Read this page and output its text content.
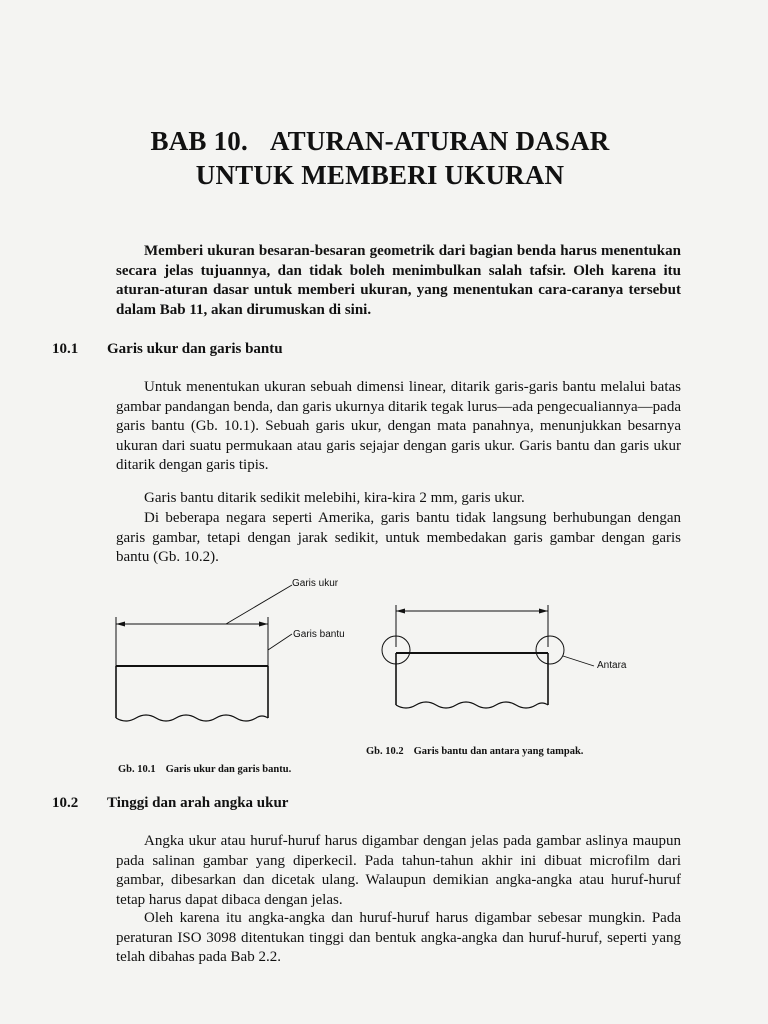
BAB 10. ATURAN-ATURAN DASAR
UNTUK MEMBERI UKURAN

Memberi ukuran besaran-besaran geometrik dari bagian benda harus menentukan secara jelas tujuannya, dan tidak boleh menimbulkan salah tafsir. Oleh karena itu aturan-aturan dasar untuk memberi ukuran, yang menentukan cara-caranya tersebut dalam Bab 11, akan dirumuskan di sini.

10.1 Garis ukur dan garis bantu

Untuk menentukan ukuran sebuah dimensi linear, ditarik garis-garis bantu melalui batas gambar pandangan benda, dan garis ukurnya ditarik tegak lurus—ada pengecualiannya—pada garis bantu (Gb. 10.1). Sebuah garis ukur, dengan mata panahnya, menunjukkan besarnya ukuran dari suatu permukaan atau garis sejajar dengan garis ukur. Garis bantu dan garis ukur ditarik dengan garis tipis.

Garis bantu ditarik sedikit melebihi, kira-kira 2 mm, garis ukur.

Di beberapa negara seperti Amerika, garis bantu tidak langsung berhubungan dengan garis gambar, tetapi dengan jarak sedikit, untuk membedakan garis gambar dengan garis bantu (Gb. 10.2).

Garis ukur
Garis bantu
Antara
Gb. 10.1 Garis ukur dan garis bantu.
Gb. 10.2 Garis bantu dan antara yang tampak.
10.2 Tinggi dan arah angka ukur

Angka ukur atau huruf-huruf harus digambar dengan jelas pada gambar aslinya maupun pada salinan gambar yang diperkecil. Pada tahun-tahun akhir ini dibuat microfilm dari gambar, dibesarkan dan dicetak ulang. Walaupun demikian angka-angka atau huruf-huruf tetap harus dapat dibaca dengan jelas.

Oleh karena itu angka-angka dan huruf-huruf harus digambar sebesar mungkin. Pada peraturan ISO 3098 ditentukan tinggi dan bentuk angka-angka dan huruf-huruf, seperti yang telah dibahas pada Bab 2.2.
